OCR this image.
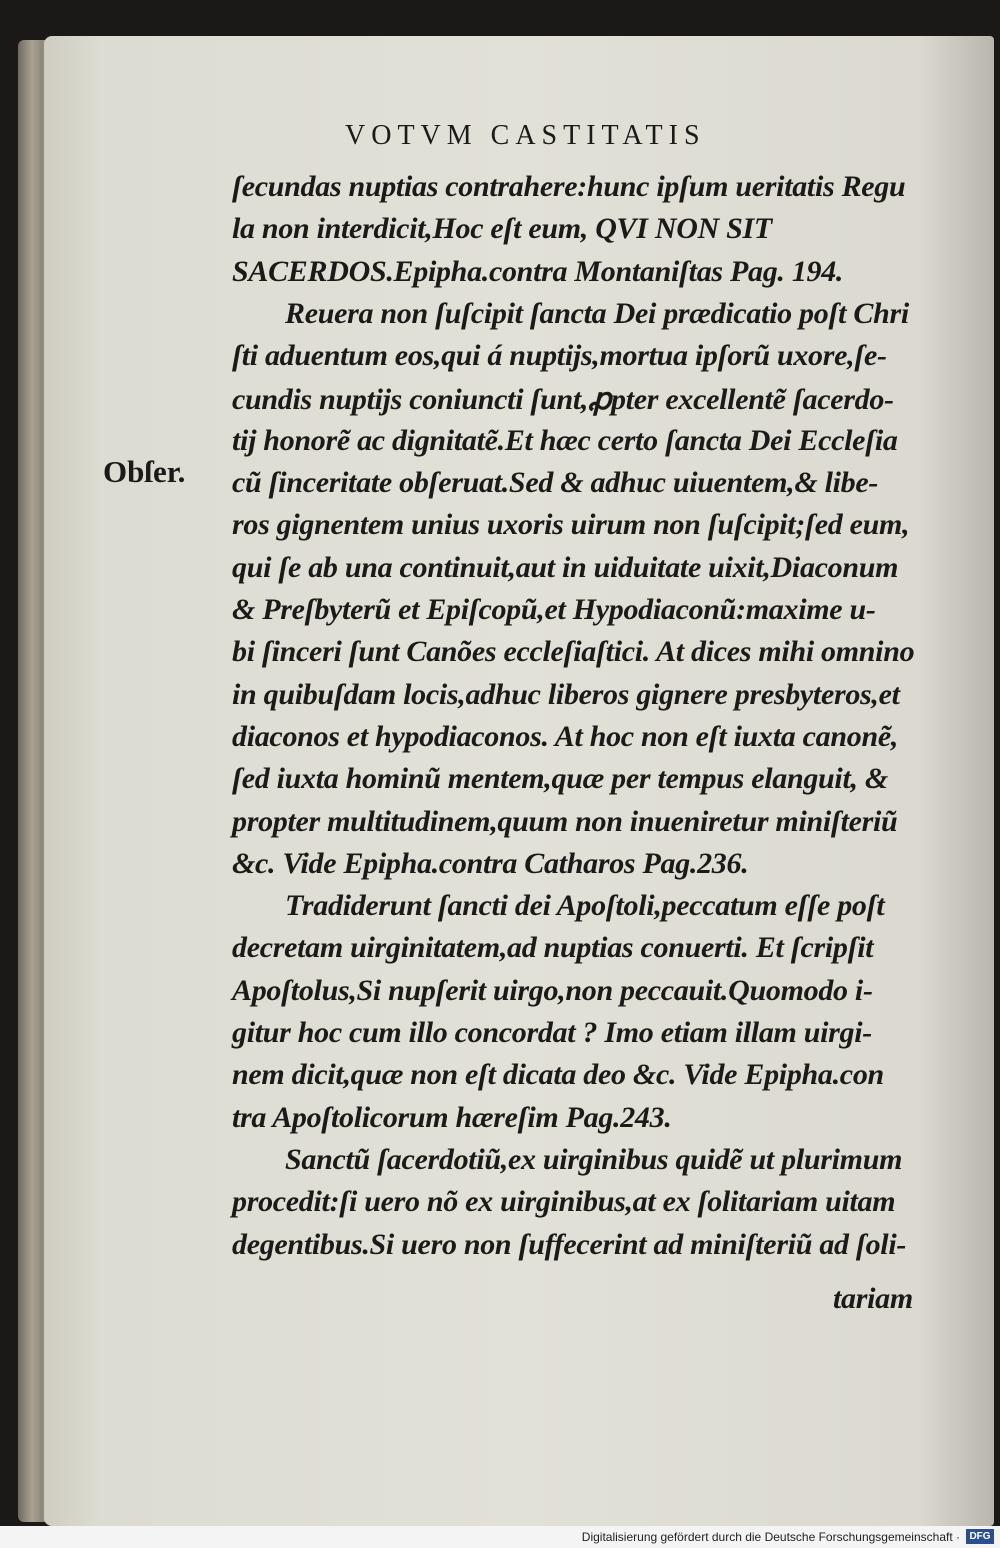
VOTVM CASTITATIS
Obſer.
ſecundas nuptias contrahere:hunc ipſum ueritatis Regu
la non interdicit,Hoc eſt eum, QVI NON SIT
SACERDOS.Epipha.contra Montaniſtas Pag. 194.
Reuera non ſuſcipit ſancta Dei prædicatio poſt Chri
ſti aduentum eos,qui á nuptijs,mortua ipſorũ uxore,ſe-
cundis nuptijs coniuncti ſunt,ꝓpter excellentẽ ſacerdo-
tij honorẽ ac dignitatẽ.Et hæc certo ſancta Dei Eccleſia
cũ ſinceritate obſeruat.Sed & adhuc uiuentem,& libe-
ros gignentem unius uxoris uirum non ſuſcipit;ſed eum,
qui ſe ab una continuit,aut in uiduitate uixit,Diaconum
& Preſbyterũ et Epiſcopũ,et Hypodiaconũ:maxime u-
bi ſinceri ſunt Canões eccleſiaſtici. At dices mihi omnino
in quibuſdam locis,adhuc liberos gignere presbyteros,et
diaconos et hypodiaconos. At hoc non eſt iuxta canonẽ,
ſed iuxta hominũ mentem,quæ per tempus elanguit, &
propter multitudinem,quum non inueniretur miniſteriũ
&c. Vide Epipha.contra Catharos Pag.236.
Tradiderunt ſancti dei Apoſtoli,peccatum eſſe poſt
decretam uirginitatem,ad nuptias conuerti. Et ſcripſit
Apoſtolus,Si nupſerit uirgo,non peccauit.Quomodo i-
gitur hoc cum illo concordat ? Imo etiam illam uirgi-
nem dicit,quæ non eſt dicata deo &c. Vide Epipha.con
tra Apoſtolicorum hæreſim Pag.243.
Sanctũ ſacerdotiũ,ex uirginibus quidẽ ut plurimum
procedit:ſi uero nõ ex uirginibus,at ex ſolitariam uitam
degentibus.Si uero non ſuffecerint ad miniſteriũ ad ſoli-
tariam
Digitalisierung gefördert durch die Deutsche Forschungsgemeinschaft · DFG
